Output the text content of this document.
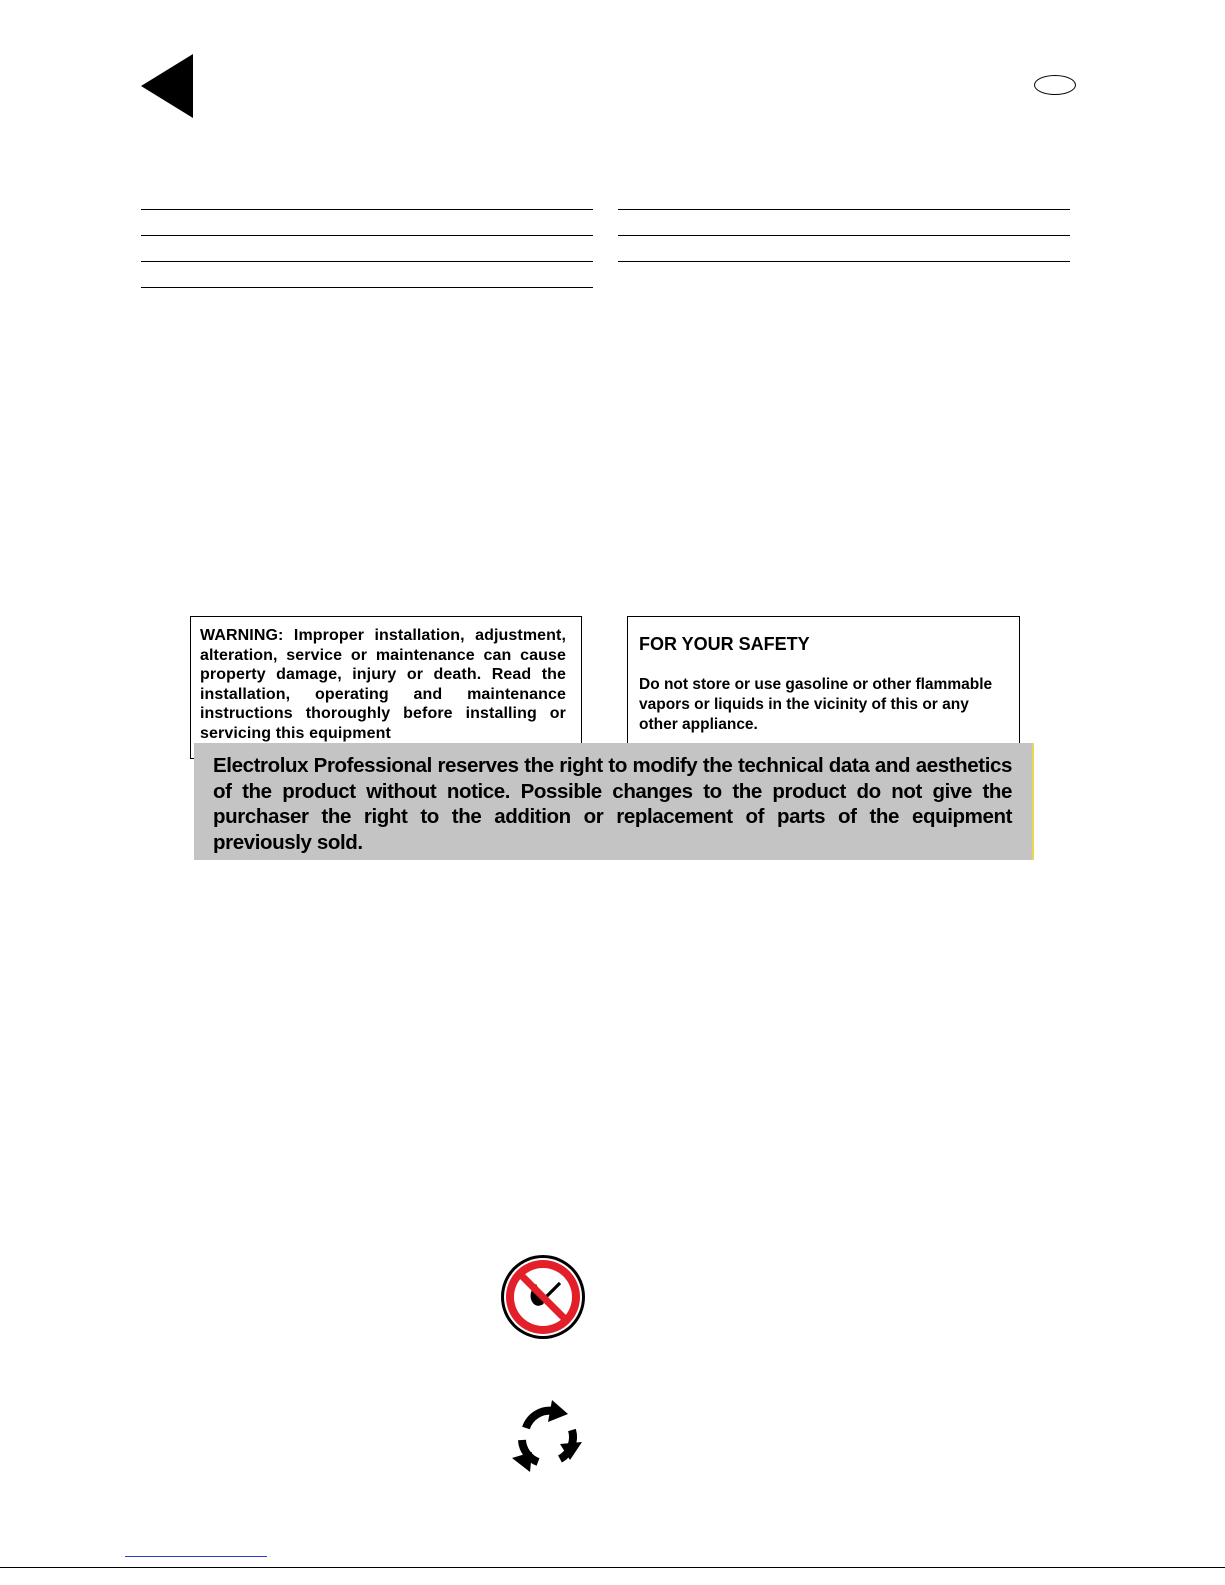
WARNING: Improper installation, adjustment, alteration, service or maintenance can cause property damage, injury or death. Read the installation, operating and maintenance instructions thoroughly before installing or servicing this equipment

FOR YOUR SAFETY

Do not store or use gasoline or other flammable vapors or liquids in the vicinity of this or any other appliance.

Electrolux Professional reserves the right to modify the technical data and aesthetics of the product without notice. Possible changes to the product do not give the purchaser the right to the addition or replacement of parts of the equipment previously sold.
